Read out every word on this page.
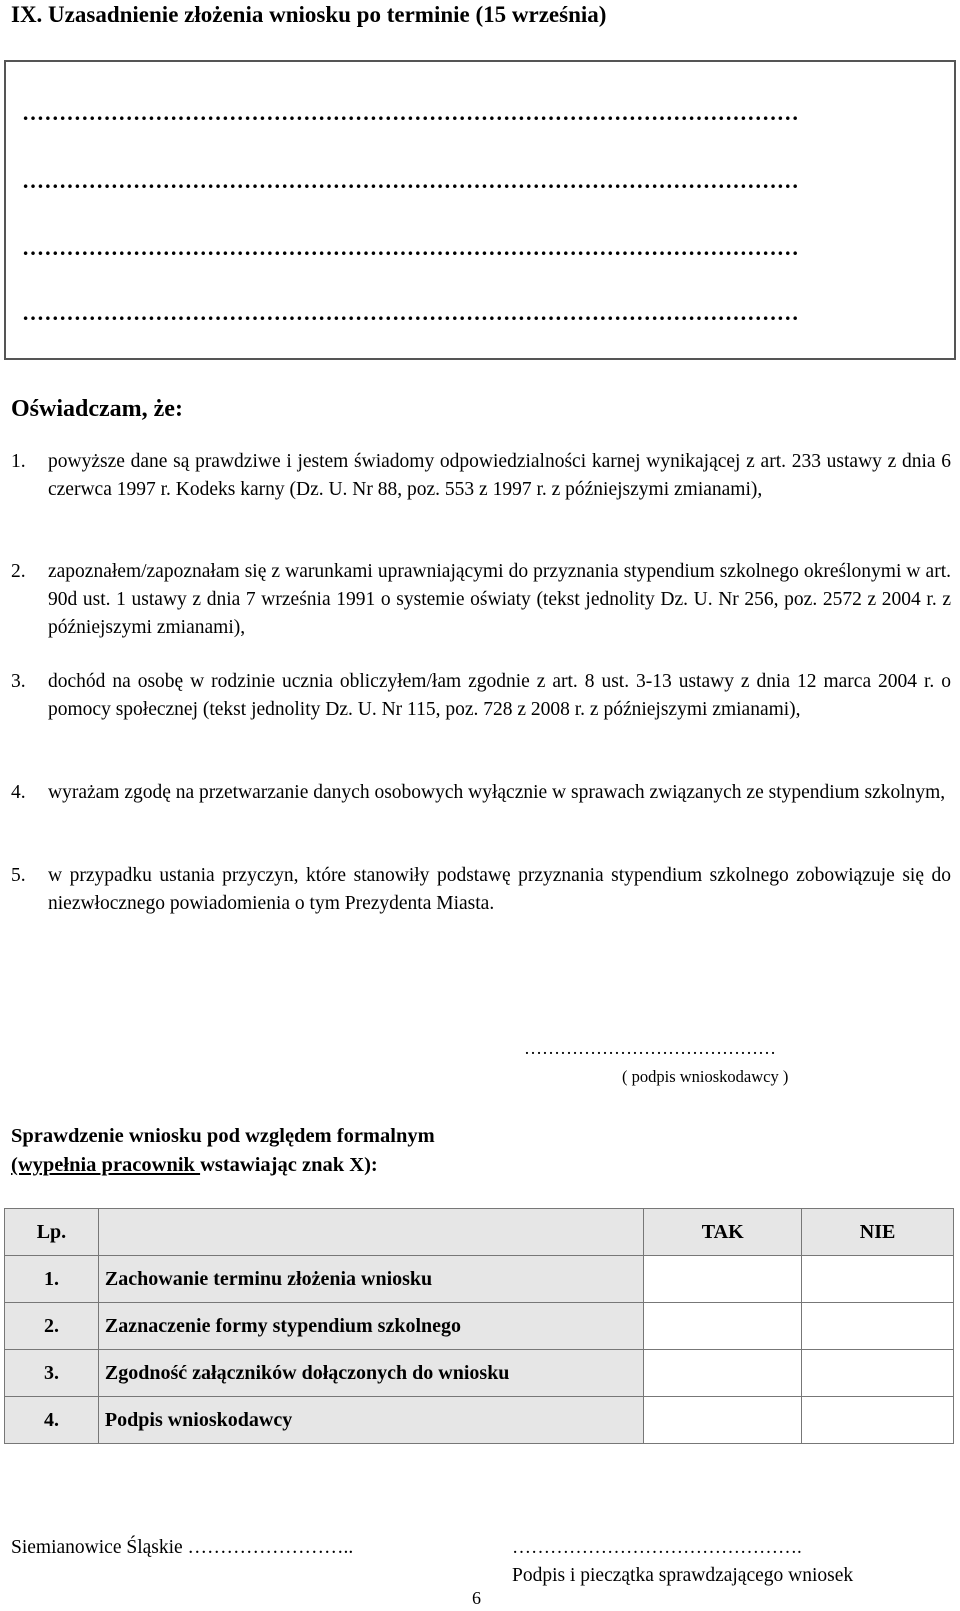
IX. Uzasadnienie złożenia wniosku po terminie (15 września)
……………………………………………………………………………………………
……………………………………………………………………………………………
……………………………………………………………………………………………
……………………………………………………………………………………………
Oświadczam, że:
1. powyższe dane są prawdziwe i jestem świadomy odpowiedzialności karnej wynikającej z art. 233 ustawy z dnia 6 czerwca 1997 r. Kodeks karny (Dz. U. Nr 88, poz. 553 z 1997 r. z późniejszymi zmianami),
2. zapoznałem/zapoznałam się z warunkami uprawniającymi do przyznania stypendium szkolnego określonymi w art. 90d ust. 1 ustawy z dnia 7 września 1991 o systemie oświaty (tekst jednolity Dz. U. Nr 256, poz. 2572 z 2004 r. z późniejszymi zmianami),
3. dochód na osobę w rodzinie ucznia obliczyłem/łam zgodnie z art. 8 ust. 3-13 ustawy z dnia 12 marca 2004 r. o pomocy społecznej (tekst jednolity Dz. U. Nr 115, poz. 728 z 2008 r. z późniejszymi zmianami),
4. wyrażam zgodę na przetwarzanie danych osobowych wyłącznie w sprawach związanych ze stypendium szkolnym,
5. w przypadku ustania przyczyn, które stanowiły podstawę przyznania stypendium szkolnego zobowiązuje się do niezwłocznego powiadomienia o tym Prezydenta Miasta.
……………………………………
( podpis wnioskodawcy )
Sprawdzenie wniosku pod względem formalnym
(wypełnia pracownik wstawiając znak X):
Lp.		TAK	NIE
1.	Zachowanie terminu złożenia wniosku		
2.	Zaznaczenie formy stypendium szkolnego		
3.	Zgodność załączników dołączonych do wniosku		
4.	Podpis wnioskodawcy		
Siemianowice Śląskie ……………………..	……………………………………….
Podpis i pieczątka sprawdzającego wniosek
6
